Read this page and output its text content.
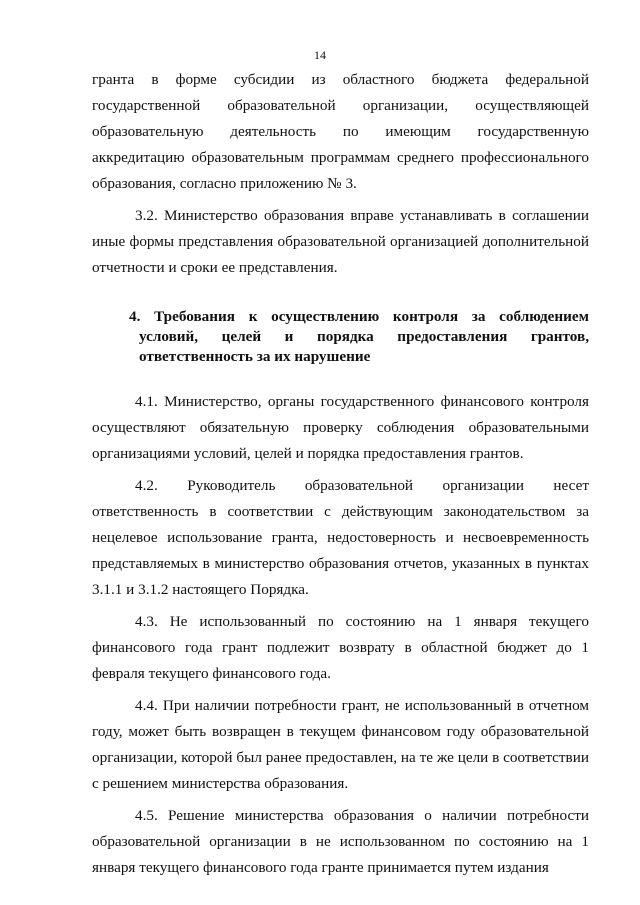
14

гранта в форме субсидии из областного бюджета федеральной государственной образовательной организации, осуществляющей образовательную деятельность по имеющим государственную аккредитацию образовательным программам среднего профессионального образования, согласно приложению № 3.

3.2. Министерство образования вправе устанавливать в соглашении иные формы представления образовательной организацией дополнительной отчетности и сроки ее представления.

4. Требования к осуществлению контроля за соблюдением условий, целей и порядка предоставления грантов, ответственность за их нарушение

4.1. Министерство, органы государственного финансового контроля осуществляют обязательную проверку соблюдения образовательными организациями условий, целей и порядка предоставления грантов.

4.2. Руководитель образовательной организации несет ответственность в соответствии с действующим законодательством за нецелевое использование гранта, недостоверность и несвоевременность представляемых в министерство образования отчетов, указанных в пунктах 3.1.1 и 3.1.2 настоящего Порядка.

4.3. Не использованный по состоянию на 1 января текущего финансового года грант подлежит возврату в областной бюджет до 1 февраля текущего финансового года.

4.4. При наличии потребности грант, не использованный в отчетном году, может быть возвращен в текущем финансовом году образовательной организации, которой был ранее предоставлен, на те же цели в соответствии с решением министерства образования.

4.5. Решение министерства образования о наличии потребности образовательной организации в не использованном по состоянию на 1 января текущего финансового года гранте принимается путем издания
